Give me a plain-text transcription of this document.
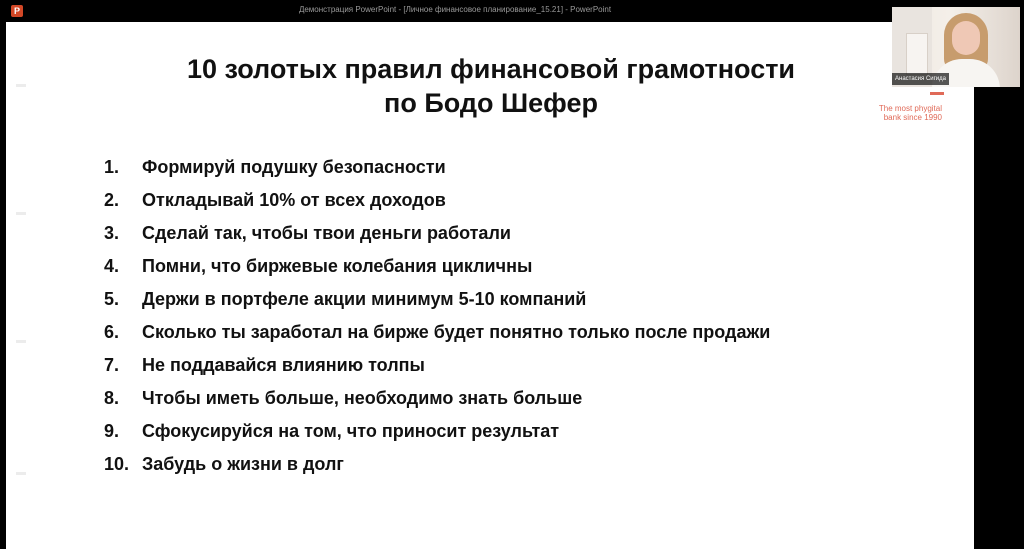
P	Демонстрация PowerPoint - [Личное финансовое планирование_15.21] - PowerPoint
10 золотых правил финансовой грамотности
по Бодо Шефер	The most phygital
bank since 1990
1.	Формируй подушку безопасности
2.	Откладывай 10% от всех доходов
3.	Сделай так, чтобы твои деньги работали
4.	Помни, что биржевые колебания цикличны
5.	Держи в портфеле акции минимум 5-10 компаний
6.	Сколько ты заработал на бирже будет понятно только после продажи
7.	Не поддавайся влиянию толпы
8.	Чтобы иметь больше, необходимо знать больше
9.	Сфокусируйся на том, что приносит результат
10. Забудь о жизни в долг
Анастасия Сигида
